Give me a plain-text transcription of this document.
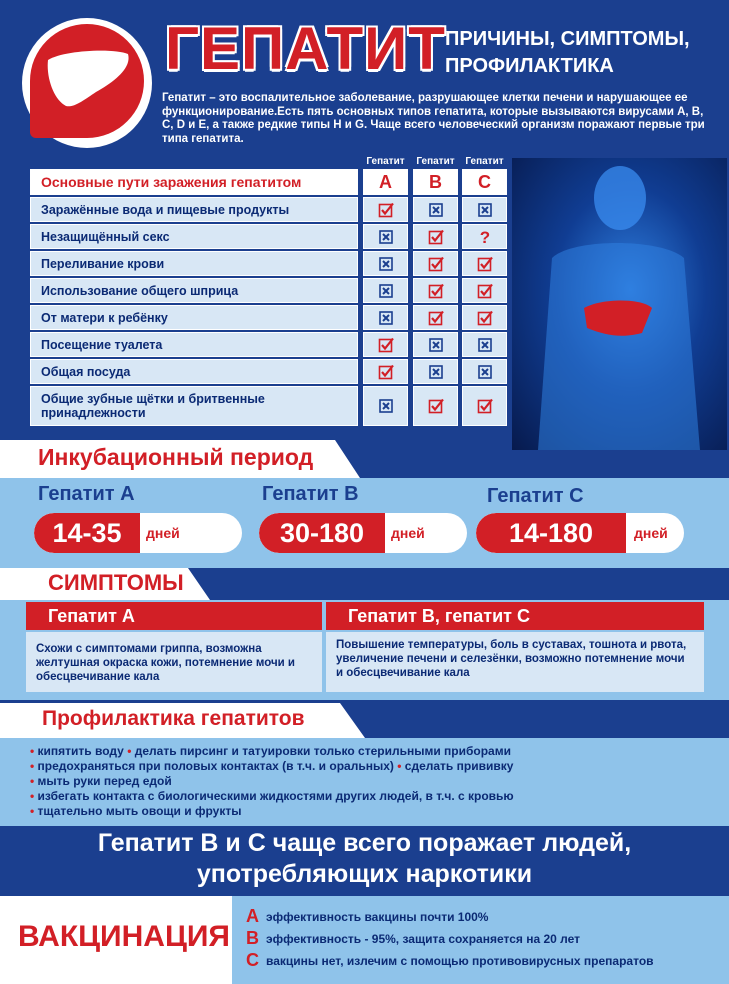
ГЕПАТИТ ПРИЧИНЫ, СИМПТОМЫ,
ПРОФИЛАКТИКА
Гепатит – это воспалительное заболевание, разрушающее клетки печени и нарушающее ее функционирование.Есть пять основных типов гепатита, которые вызываются вирусами A, B, C, D и E, а также редкие типы H и G. Чаще всего человеческий организм поражают первые три типа гепатита.
Гепатит	Гепатит	Гепатит
Основные пути заражения гепатитом	A	B	C
Заражённые вода и пищевые продукты
Незащищённый секс	?
Переливание крови
Использование общего шприца
От матери к ребёнку
Посещение туалета
Общая посуда
Общие зубные щётки и бритвенные принадлежности
Инкубационный период
Гепатит А	Гепатит В	Гепатит С
14-35	дней	30-180	дней	14-180	дней
СИМПТОМЫ
Гепатит А	Гепатит В, гепатит С
Схожи с симптомами гриппа, возможна желтушная окраска кожи, потемнение мочи и обесцвечивание кала
Повышение температуры, боль в суставах, тошнота и рвота, увеличение печени и селезёнки, возможно потемнение мочи и обесцвечивание кала
Профилактика гепатитов
• кипятить воду • делать пирсинг и татуировки только стерильными приборами
• предохраняться при половых контактах (в т.ч. и оральных) • сделать прививку
• мыть руки перед едой
• избегать контакта с биологическими жидкостями других людей, в т.ч. с кровью
• тщательно мыть овощи и фрукты
Гепатит B и C чаще всего поражает людей,
употребляющих наркотики
ВАКЦИНАЦИЯ
А эффективность вакцины почти 100%
В эффективность - 95%, защита сохраняется на 20 лет
С вакцины нет, излечим с помощью противовирусных препаратов
